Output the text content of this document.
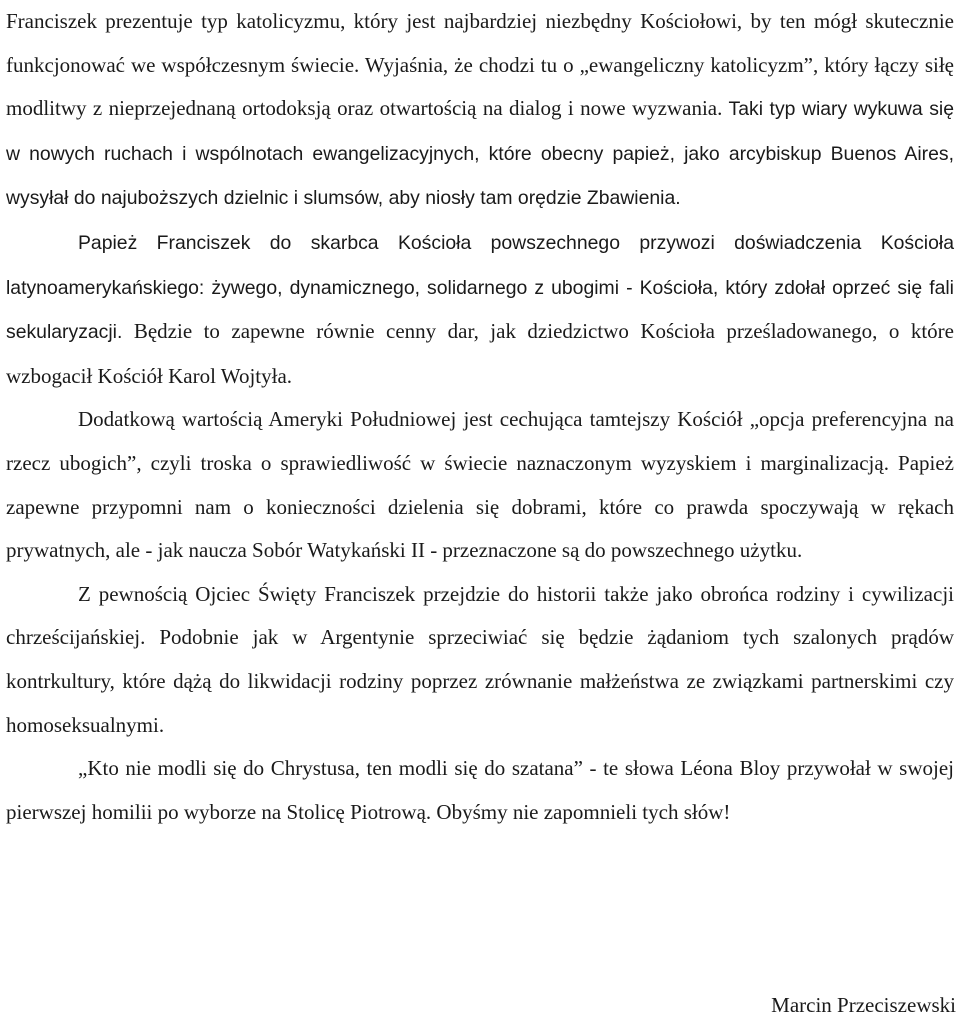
Franciszek prezentuje typ katolicyzmu, który jest najbardziej niezbędny Kościołowi, by ten mógł skutecznie funkcjonować we współczesnym świecie. Wyjaśnia, że chodzi tu o „ewangeliczny katolicyzm”, który łączy siłę modlitwy z nieprzejednaną ortodoksją oraz otwartością na dialog i nowe wyzwania. Taki typ wiary wykuwa się w nowych ruchach i wspólnotach ewangelizacyjnych, które obecny papież, jako arcybiskup Buenos Aires, wysyłał do najuboższych dzielnic i slumsów, aby niosły tam orędzie Zbawienia.

Papież Franciszek do skarbca Kościoła powszechnego przywozi doświadczenia Kościoła latynoamerykańskiego: żywego, dynamicznego, solidarnego z ubogimi - Kościoła, który zdołał oprzeć się fali sekularyzacji. Będzie to zapewne równie cenny dar, jak dziedzictwo Kościoła prześladowanego, o które wzbogacił Kościół Karol Wojtyła.

Dodatkową wartością Ameryki Południowej jest cechująca tamtejszy Kościół „opcja preferencyjna na rzecz ubogich”, czyli troska o sprawiedliwość w świecie naznaczonym wyzyskiem i marginalizacją. Papież zapewne przypomni nam o konieczności dzielenia się dobrami, które co prawda spoczywają w rękach prywatnych, ale - jak naucza Sobór Watykański II - przeznaczone są do powszechnego użytku.

Z pewnością Ojciec Święty Franciszek przejdzie do historii także jako obrońca rodziny i cywilizacji chrześcijańskiej. Podobnie jak w Argentynie sprzeciwiać się będzie żądaniom tych szalonych prądów kontrkultury, które dążą do likwidacji rodziny poprzez zrównanie małżeństwa ze związkami partnerskimi czy homoseksualnymi.

„Kto nie modli się do Chrystusa, ten modli się do szatana” - te słowa Léona Bloy przywołał w swojej pierwszej homilii po wyborze na Stolicę Piotrową. Obyśmy nie zapomnieli tych słów!

Marcin Przeciszewski
